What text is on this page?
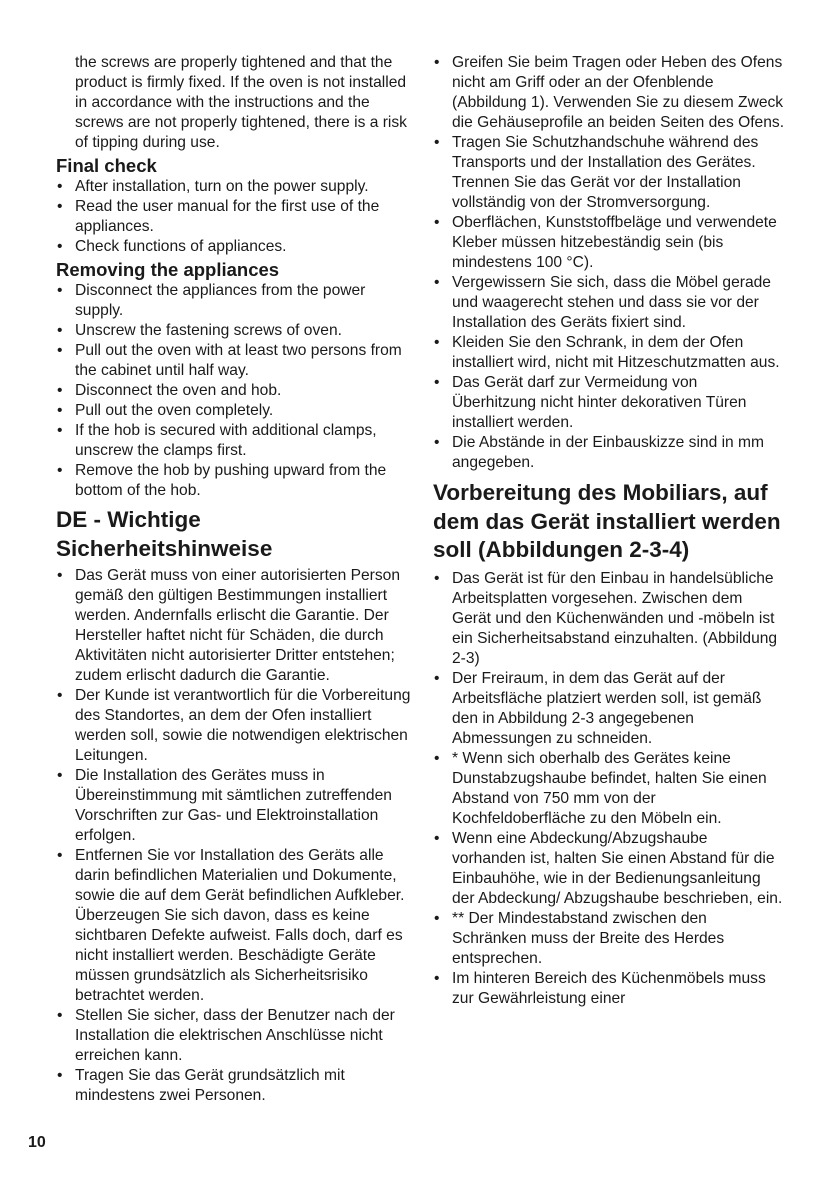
the screws are properly tightened and that the product is firmly fixed. If the oven is not installed in accordance with the instructions and the screws are not properly tightened, there is a risk of tipping during use.

Final check
• After installation, turn on the power supply.
• Read the user manual for the first use of the appliances.
• Check functions of appliances.
Removing the appliances
• Disconnect the appliances from the power supply.
• Unscrew the fastening screws of oven.
• Pull out the oven with at least two persons from the cabinet until half way.
• Disconnect the oven and hob.
• Pull out the oven completely.
• If the hob is secured with additional clamps, unscrew the clamps first.
• Remove the hob by pushing upward from the bottom of the hob.
DE - Wichtige Sicherheitshinweise
• Das Gerät muss von einer autorisierten Person gemäß den gültigen Bestimmungen installiert werden. Andernfalls erlischt die Garantie. Der Hersteller haftet nicht für Schäden, die durch Aktivitäten nicht autorisierter Dritter entstehen; zudem erlischt dadurch die Garantie.
• Der Kunde ist verantwortlich für die Vorbereitung des Standortes, an dem der Ofen installiert werden soll, sowie die notwendigen elektrischen Leitungen.
• Die Installation des Gerätes muss in Übereinstimmung mit sämtlichen zutreffenden Vorschriften zur Gas- und Elektroinstallation erfolgen.
• Entfernen Sie vor Installation des Geräts alle darin befindlichen Materialien und Dokumente, sowie die auf dem Gerät befindlichen Aufkleber. Überzeugen Sie sich davon, dass es keine sichtbaren Defekte aufweist. Falls doch, darf es nicht installiert werden. Beschädigte Geräte müssen grundsätzlich als Sicherheitsrisiko betrachtet werden.
• Stellen Sie sicher, dass der Benutzer nach der Installation die elektrischen Anschlüsse nicht erreichen kann.
• Tragen Sie das Gerät grundsätzlich mit mindestens zwei Personen.
• Greifen Sie beim Tragen oder Heben des Ofens nicht am Griff oder an der Ofenblende (Abbildung 1). Verwenden Sie zu diesem Zweck die Gehäuseprofile an beiden Seiten des Ofens.
• Tragen Sie Schutzhandschuhe während des Transports und der Installation des Gerätes. Trennen Sie das Gerät vor der Installation vollständig von der Stromversorgung.
• Oberflächen, Kunststoffbeläge und verwendete Kleber müssen hitzebeständig sein (bis mindestens 100 °C).
• Vergewissern Sie sich, dass die Möbel gerade und waagerecht stehen und dass sie vor der Installation des Geräts fixiert sind.
• Kleiden Sie den Schrank, in dem der Ofen installiert wird, nicht mit Hitzeschutzmatten aus.
• Das Gerät darf zur Vermeidung von Überhitzung nicht hinter dekorativen Türen installiert werden.
• Die Abstände in der Einbauskizze sind in mm angegeben.
Vorbereitung des Mobiliars, auf dem das Gerät installiert werden soll (Abbildungen 2-3-4)
• Das Gerät ist für den Einbau in handelsübliche Arbeitsplatten vorgesehen. Zwischen dem Gerät und den Küchenwänden und -möbeln ist ein Sicherheitsabstand einzuhalten. (Abbildung 2-3)
• Der Freiraum, in dem das Gerät auf der Arbeitsfläche platziert werden soll, ist gemäß den in Abbildung 2-3 angegebenen Abmessungen zu schneiden.
• * Wenn sich oberhalb des Gerätes keine Dunstabzugshaube befindet, halten Sie einen Abstand von 750 mm von der Kochfeldoberfläche zu den Möbeln ein.
• Wenn eine Abdeckung/Abzugshaube vorhanden ist, halten Sie einen Abstand für die Einbauhöhe, wie in der Bedienungsanleitung der Abdeckung/ Abzugshaube beschrieben, ein.
• ** Der Mindestabstand zwischen den Schränken muss der Breite des Herdes entsprechen.
• Im hinteren Bereich des Küchenmöbels muss zur Gewährleistung einer
10
